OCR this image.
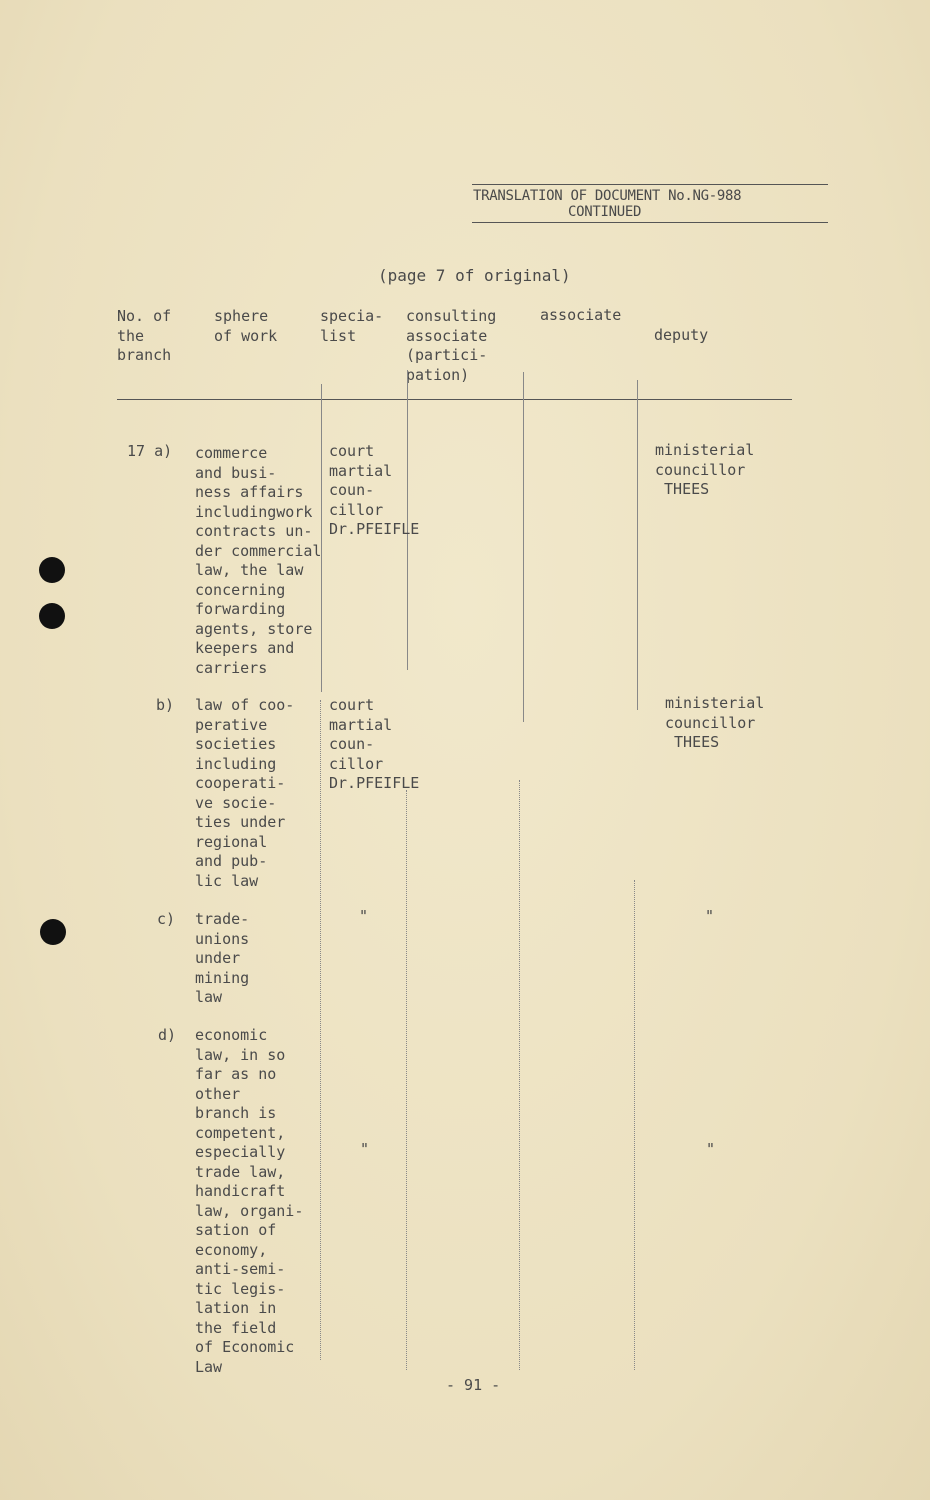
TRANSLATION OF DOCUMENT No.NG-988
CONTINUED
(page 7 of original)
No. of
the
branch
sphere
of work
specia-
list
consulting
associate
(partici-
pation)
associate
deputy
17 a) commerce
and busi-
ness affairs
includingwork
contracts un-
der commercial
law, the law
concerning
forwarding
agents, store
keepers and
carriers
court
martial
coun-
cillor
Dr.PFEIFLE
ministerial
councillor
THEES
b) law of coo-
perative
societies
including
cooperati-
ve socie-
ties under
regional
and pub-
lic law
court
martial
coun-
cillor
Dr.PFEIFLE
ministerial
councillor
THEES
c) trade-
unions
under
mining
law
"	"
d) economic
law, in so
far as no
other
branch is
competent,
especially
trade law,
handicraft
law, organi-
sation of
economy,
anti-semi-
tic legis-
lation in
the field
of Economic
Law
"	"
- 91 -
